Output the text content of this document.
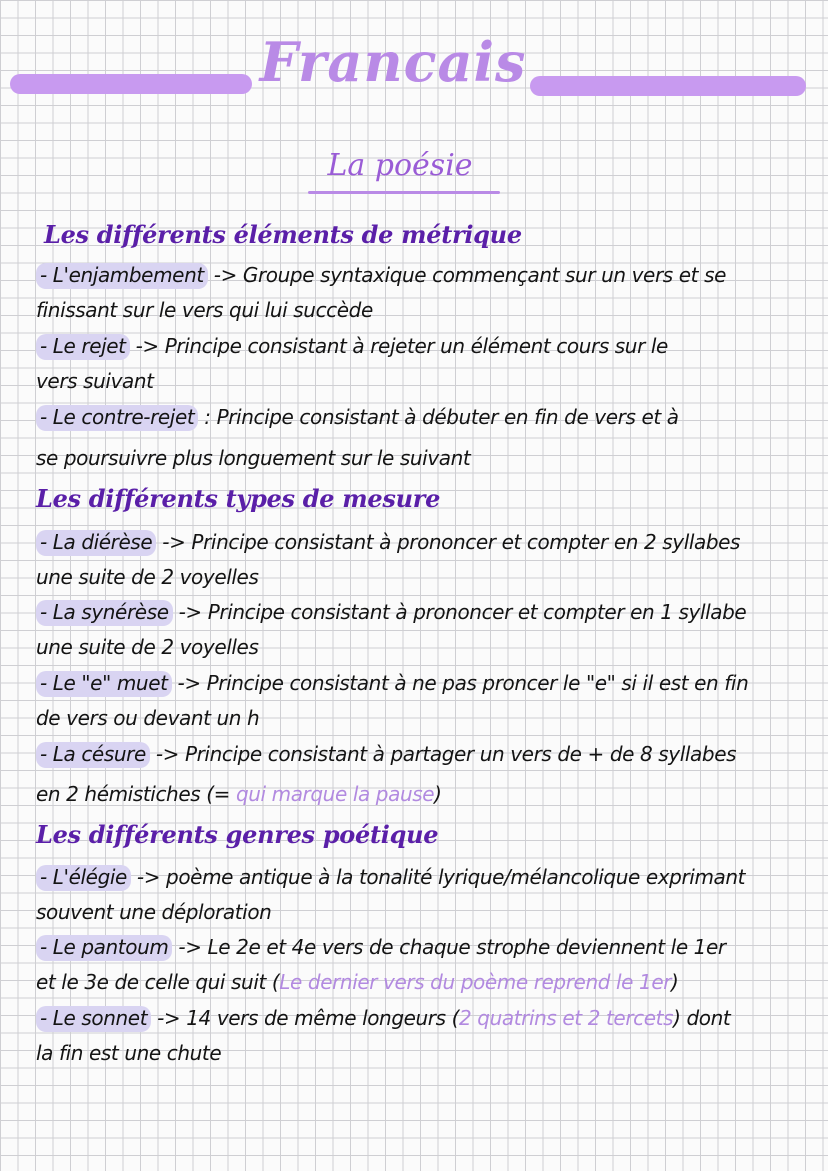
Francais
La poésie
Les différents éléments de métrique
- L'enjambement -> Groupe syntaxique commençant sur un vers et se
finissant sur le vers qui lui succède
- Le rejet -> Principe consistant à rejeter un élément cours sur le
vers suivant
- Le contre-rejet : Principe consistant à débuter en fin de vers et à
se poursuivre plus longuement sur le suivant
Les différents types de mesure
- La diérèse -> Principe consistant à prononcer et compter en 2 syllabes
une suite de 2 voyelles
- La synérèse -> Principe consistant à prononcer et compter en 1 syllabe
une suite de 2 voyelles
- Le "e" muet -> Principe consistant à ne pas proncer le "e" si il est en fin
de vers ou devant un h
- La césure -> Principe consistant à partager un vers de + de 8 syllabes
en 2 hémistiches (= qui marque la pause)
Les différents genres poétique
- L'élégie -> poème antique à la tonalité lyrique/mélancolique exprimant
souvent une déploration
- Le pantoum -> Le 2e et 4e vers de chaque strophe deviennent le 1er
et le 3e de celle qui suit (Le dernier vers du poème reprend le 1er)
- Le sonnet -> 14 vers de même longeurs (2 quatrins et 2 tercets) dont
la fin est une chute
